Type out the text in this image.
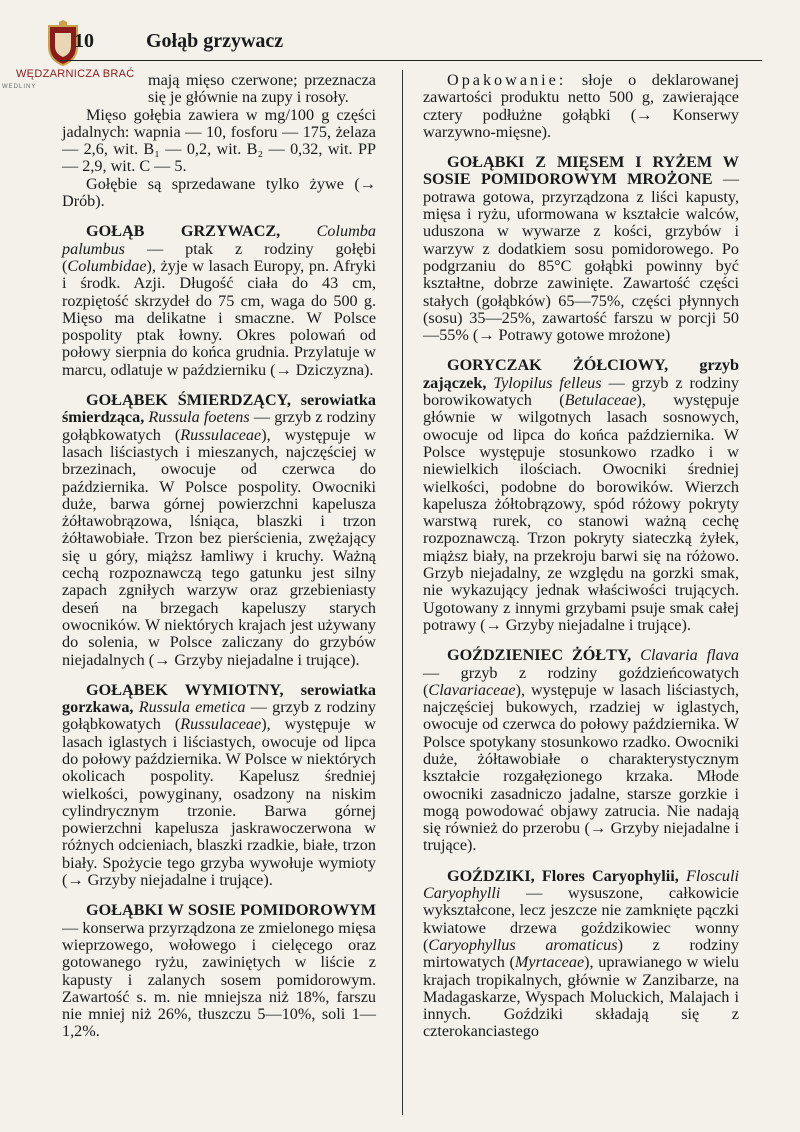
WĘDZARNICZA BRAĆ
WEDLINY
10	Gołąb grzywacz

mają mięso czerwone; przeznacza się je głównie na zupy i rosoły.

Mięso gołębia zawiera w mg/100 g części jadalnych: wapnia — 10, fosforu — 175, żelaza — 2,6, wit. B₁ — 0,2, wit. B₂ — 0,32, wit. PP — 2,9, wit. C — 5.

Gołębie są sprzedawane tylko żywe (→ Drób).

GOŁĄB GRZYWACZ, Columba palumbus — ptak z rodziny gołębi (Columbidae), żyje w lasach Europy, pn. Afryki i środk. Azji. Długość ciała do 43 cm, rozpiętość skrzydeł do 75 cm, waga do 500 g. Mięso ma delikatne i smaczne. W Polsce pospolity ptak łowny. Okres polowań od połowy sierpnia do końca grudnia. Przylatuje w marcu, odlatuje w październiku (→ Dziczyzna).

GOŁĄBEK ŚMIERDZĄCY, serowiatka śmierdząca, Russula foetens — grzyb z rodziny gołąbkowatych (Russulaceae), występuje w lasach liściastych i mieszanych, najczęściej w brzezinach, owocuje od czerwca do października. W Polsce pospolity. Owocniki duże, barwa górnej powierzchni kapelusza żółtawobrązowa, lśniąca, blaszki i trzon żółtawobiałe. Trzon bez pierścienia, zwężający się u góry, miąższ łamliwy i kruchy. Ważną cechą rozpoznawczą tego gatunku jest silny zapach zgniłych warzyw oraz grzebieniasty deseń na brzegach kapeluszy starych owocników. W niektórych krajach jest używany do solenia, w Polsce zaliczany do grzybów niejadalnych (→ Grzyby niejadalne i trujące).

GOŁĄBEK WYMIOTNY, serowiatka gorzkawa, Russula emetica — grzyb z rodziny gołąbkowatych (Russulaceae), występuje w lasach iglastych i liściastych, owocuje od lipca do połowy października. W Polsce w niektórych okolicach pospolity. Kapelusz średniej wielkości, powyginany, osadzony na niskim cylindrycznym trzonie. Barwa górnej powierzchni kapelusza jaskrawoczerwona w różnych odcieniach, blaszki rzadkie, białe, trzon biały. Spożycie tego grzyba wywołuje wymioty (→ Grzyby niejadalne i trujące).

GOŁĄBKI W SOSIE POMIDOROWYM — konserwa przyrządzona ze zmielonego mięsa wieprzowego, wołowego i cielęcego oraz gotowanego ryżu, zawiniętych w liście z kapusty i zalanych sosem pomidorowym. Zawartość s. m. nie mniejsza niż 18%, farszu nie mniej niż 26%, tłuszczu 5—10%, soli 1—1,2%.

Opakowanie: słoje o deklarowanej zawartości produktu netto 500 g, zawierające cztery podłużne gołąbki (→ Konserwy warzywno-mięsne).

GOŁĄBKI Z MIĘSEM I RYŻEM W SOSIE POMIDOROWYM MROŻONE — potrawa gotowa, przyrządzona z liści kapusty, mięsa i ryżu, uformowana w kształcie walców, uduszona w wywarze z kości, grzybów i warzyw z dodatkiem sosu pomidorowego. Po podgrzaniu do 85°C gołąbki powinny być kształtne, dobrze zawinięte. Zawartość części stałych (gołąbków) 65—75%, części płynnych (sosu) 35—25%, zawartość farszu w porcji 50—55% (→ Potrawy gotowe mrożone)

GORYCZAK ŻÓŁCIOWY, grzyb zajączek, Tylopilus felleus — grzyb z rodziny borowikowatych (Betulaceae), występuje głównie w wilgotnych lasach sosnowych, owocuje od lipca do końca października. W Polsce występuje stosunkowo rzadko i w niewielkich ilościach. Owocniki średniej wielkości, podobne do borowików. Wierzch kapelusza żółtobrązowy, spód różowy pokryty warstwą rurek, co stanowi ważną cechę rozpoznawczą. Trzon pokryty siateczką żyłek, miąższ biały, na przekroju barwi się na różowo. Grzyb niejadalny, ze względu na gorzki smak, nie wykazujący jednak właściwości trujących. Ugotowany z innymi grzybami psuje smak całej potrawy (→ Grzyby niejadalne i trujące).

GOŹDZIENIEC ŻÓŁTY, Clavaria flava — grzyb z rodziny goździeńcowatych (Clavariaceae), występuje w lasach liściastych, najczęściej bukowych, rzadziej w iglastych, owocuje od czerwca do połowy października. W Polsce spotykany stosunkowo rzadko. Owocniki duże, żółtawobiałe o charakterystycznym kształcie rozgałęzionego krzaka. Młode owocniki zasadniczo jadalne, starsze gorzkie i mogą powodować objawy zatrucia. Nie nadają się również do przerobu (→ Grzyby niejadalne i trujące).

GOŹDZIKI, Flores Caryophylii, Flosculi Caryophylli — wysuszone, całkowicie wykształcone, lecz jeszcze nie zamknięte pączki kwiatowe drzewa goździkowiec wonny (Caryophyllus aromaticus) z rodziny mirtowatych (Myrtaceae), uprawianego w wielu krajach tropikalnych, głównie w Zanzibarze, na Madagaskarze, Wyspach Moluckich, Malajach i innych. Goździki składają się z czterokanciastego
